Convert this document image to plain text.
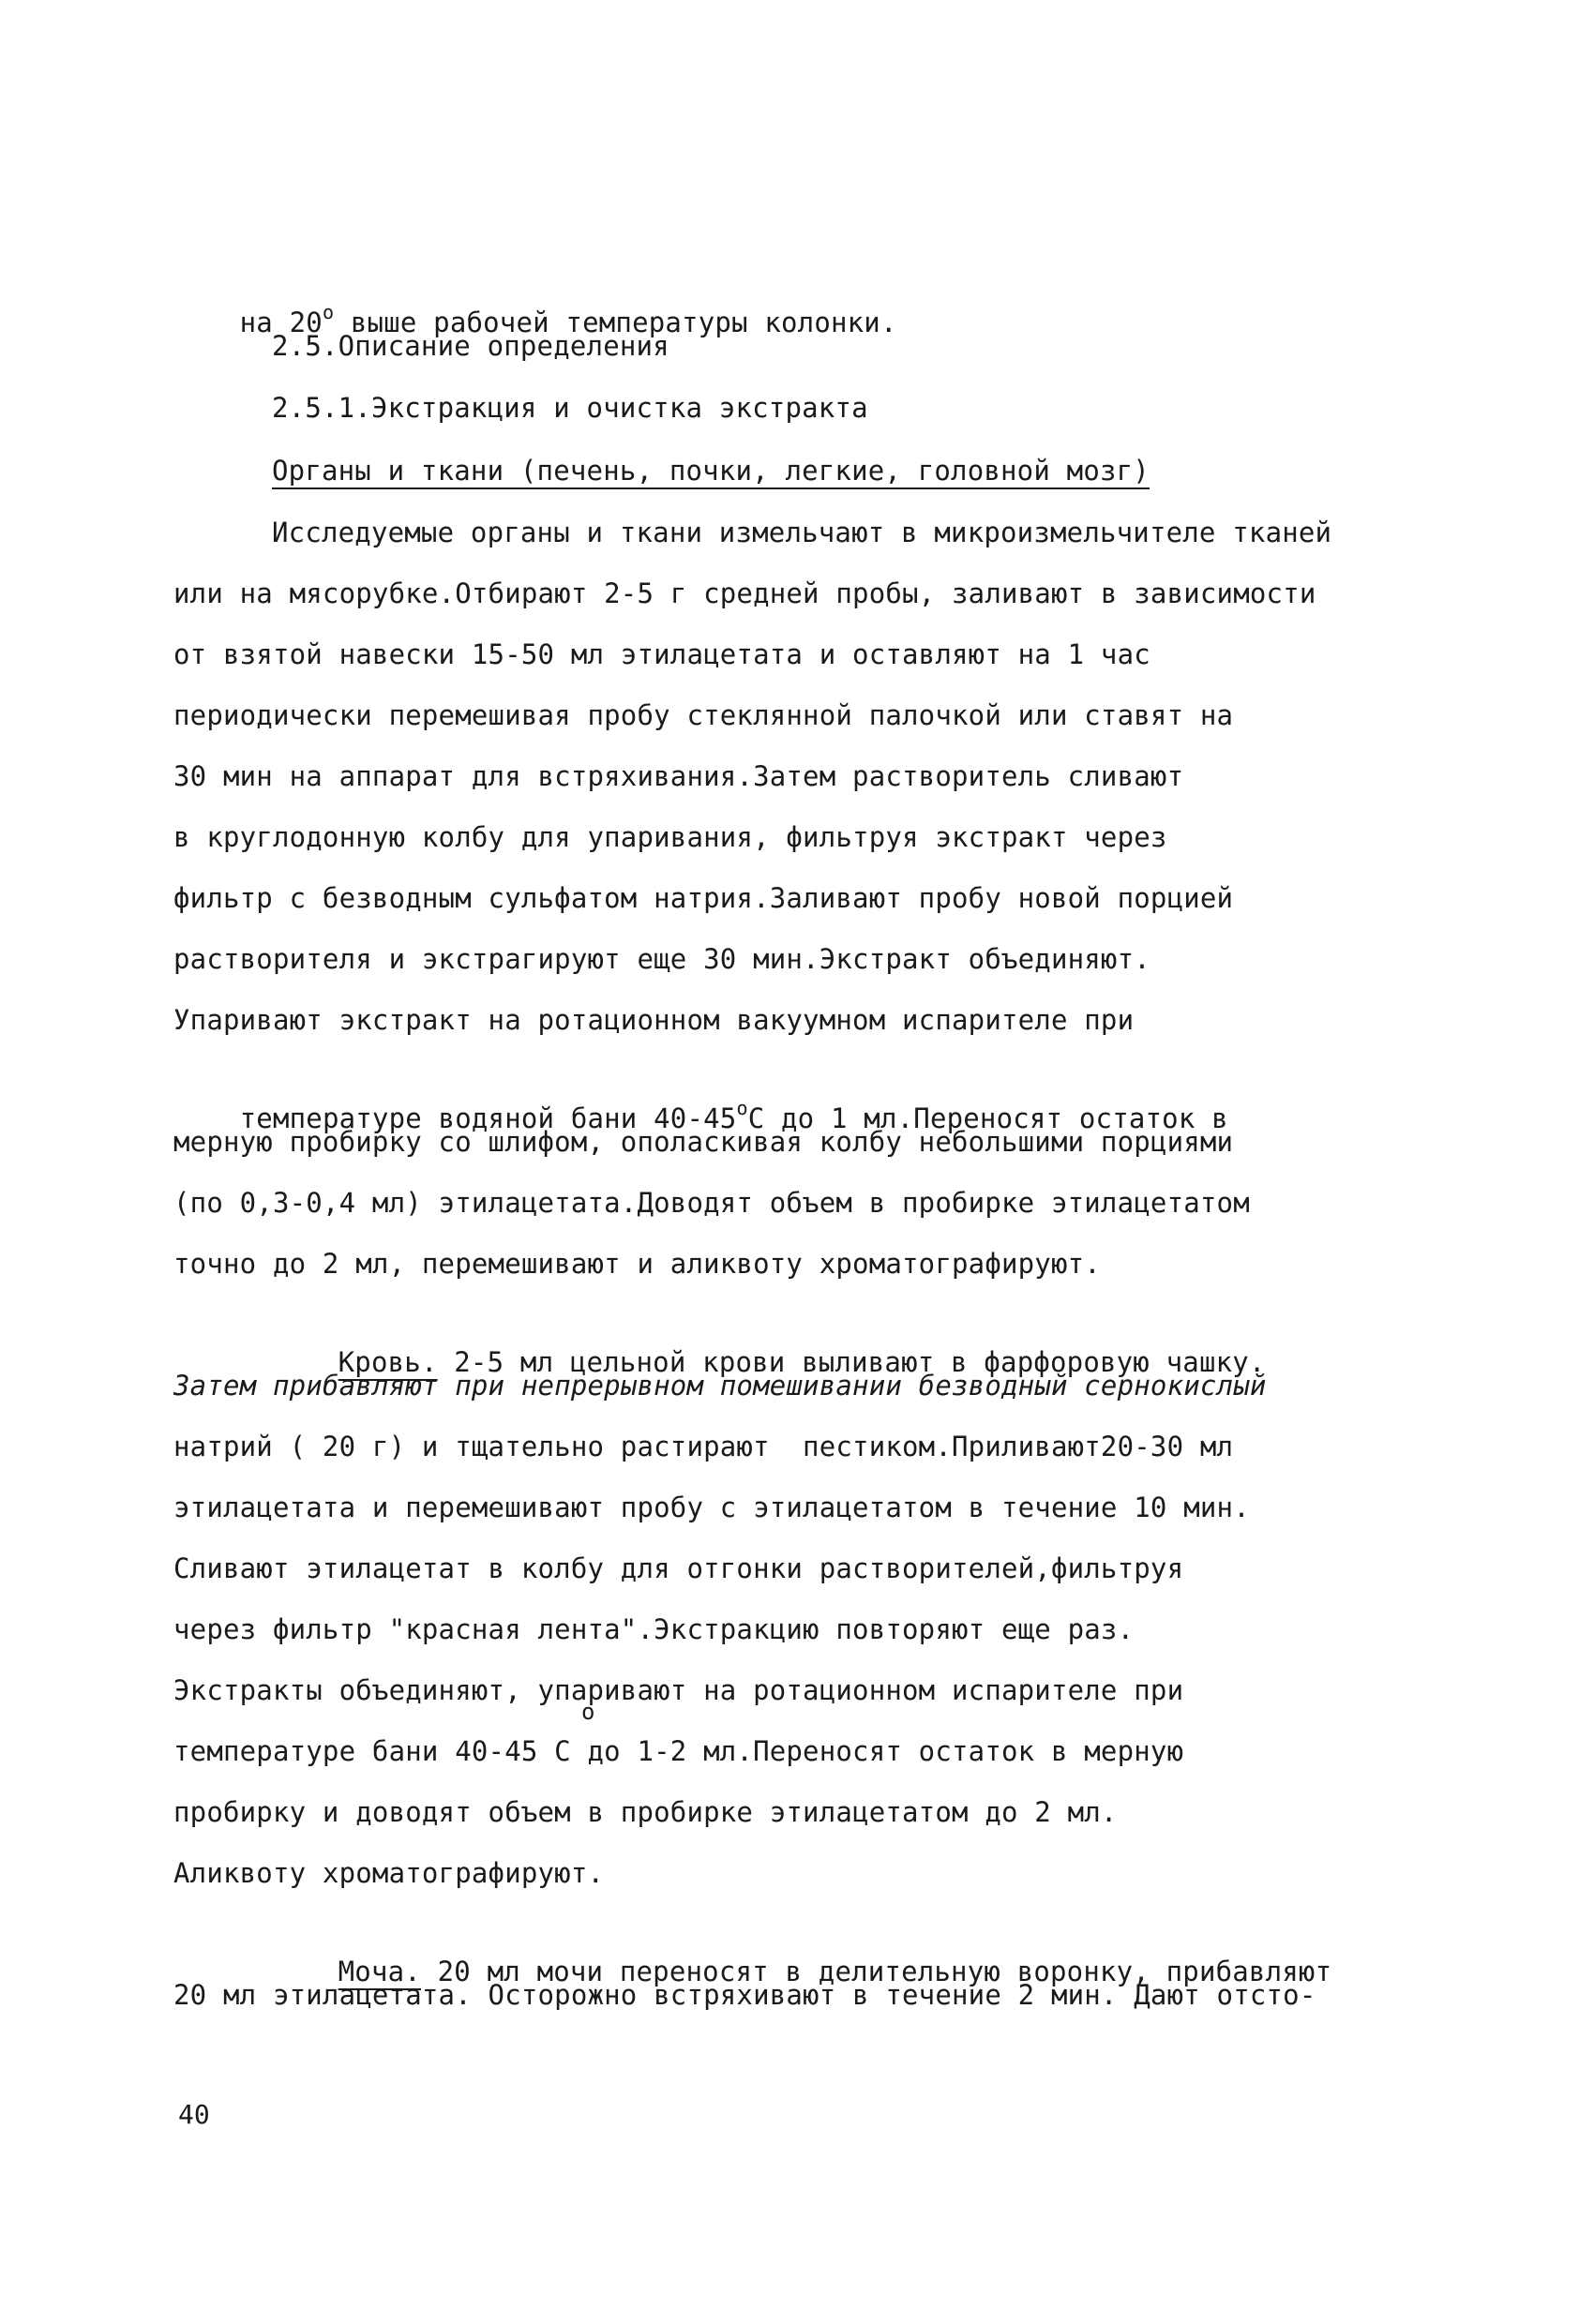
на $20^о$ выше рабочей температуры колонки.

2.5.Описание определения
2.5.1.Экстракция и очистка экстракта
Органы и ткани (печень, почки, легкие, головной мозг)
Исследуемые органы и ткани измельчают в микроизмельчителе тканей
или на мясорубке.Отбирают 2-5 г средней пробы, заливают в зависимости
от взятой навески 15-50 мл этилацетата и оставляют на 1 час
периодически перемешивая пробу стеклянной палочкой или ставят на
30 мин на аппарат для встряхивания.Затем растворитель сливают
в круглодонную колбу для упаривания, фильтруя экстракт через
фильтр с безводным сульфатом натрия.Заливают пробу новой порцией
растворителя и экстрагируют еще 30 мин.Экстракт объединяют.
Упаривают экстракт на ротационном вакуумном испарителе при

температуре водяной бани $40-45^оС$ до 1 мл.Переносят остаток в

мерную пробирку со шлифом, ополаскивая колбу небольшими порциями
(по 0,3-0,4 мл) этилацетата.Доводят объем в пробирке этилацетатом
точно до 2 мл, перемешивают и аликвоту хроматографируют.

Кровь. 2-5 мл цельной крови выливают в фарфоровую чашку.

Затем прибавляют при непрерывном помешивании безводный сернокислый
натрий ( 20 г) и тщательно растирают  пестиком.Приливают20-30 мл
этилацетата и перемешивают пробу с этилацетатом в течение 10 мин.
Сливают этилацетат в колбу для отгонки растворителей,фильтруя
через фильтр "красная лента".Экстракцию повторяют еще раз.
Экстракты объединяют, упаривают на ротационном испарителе при
о
температуре бани 40-45 С до 1-2 мл.Переносят остаток в мерную
пробирку и доводят объем в пробирке этилацетатом до 2 мл.
Аликвоту хроматографируют.

Моча. 20 мл мочи переносят в делительную воронку, прибавляют

20 мл этилацетата. Осторожно встряхивают в течение 2 мин. Дают отсто-
40
